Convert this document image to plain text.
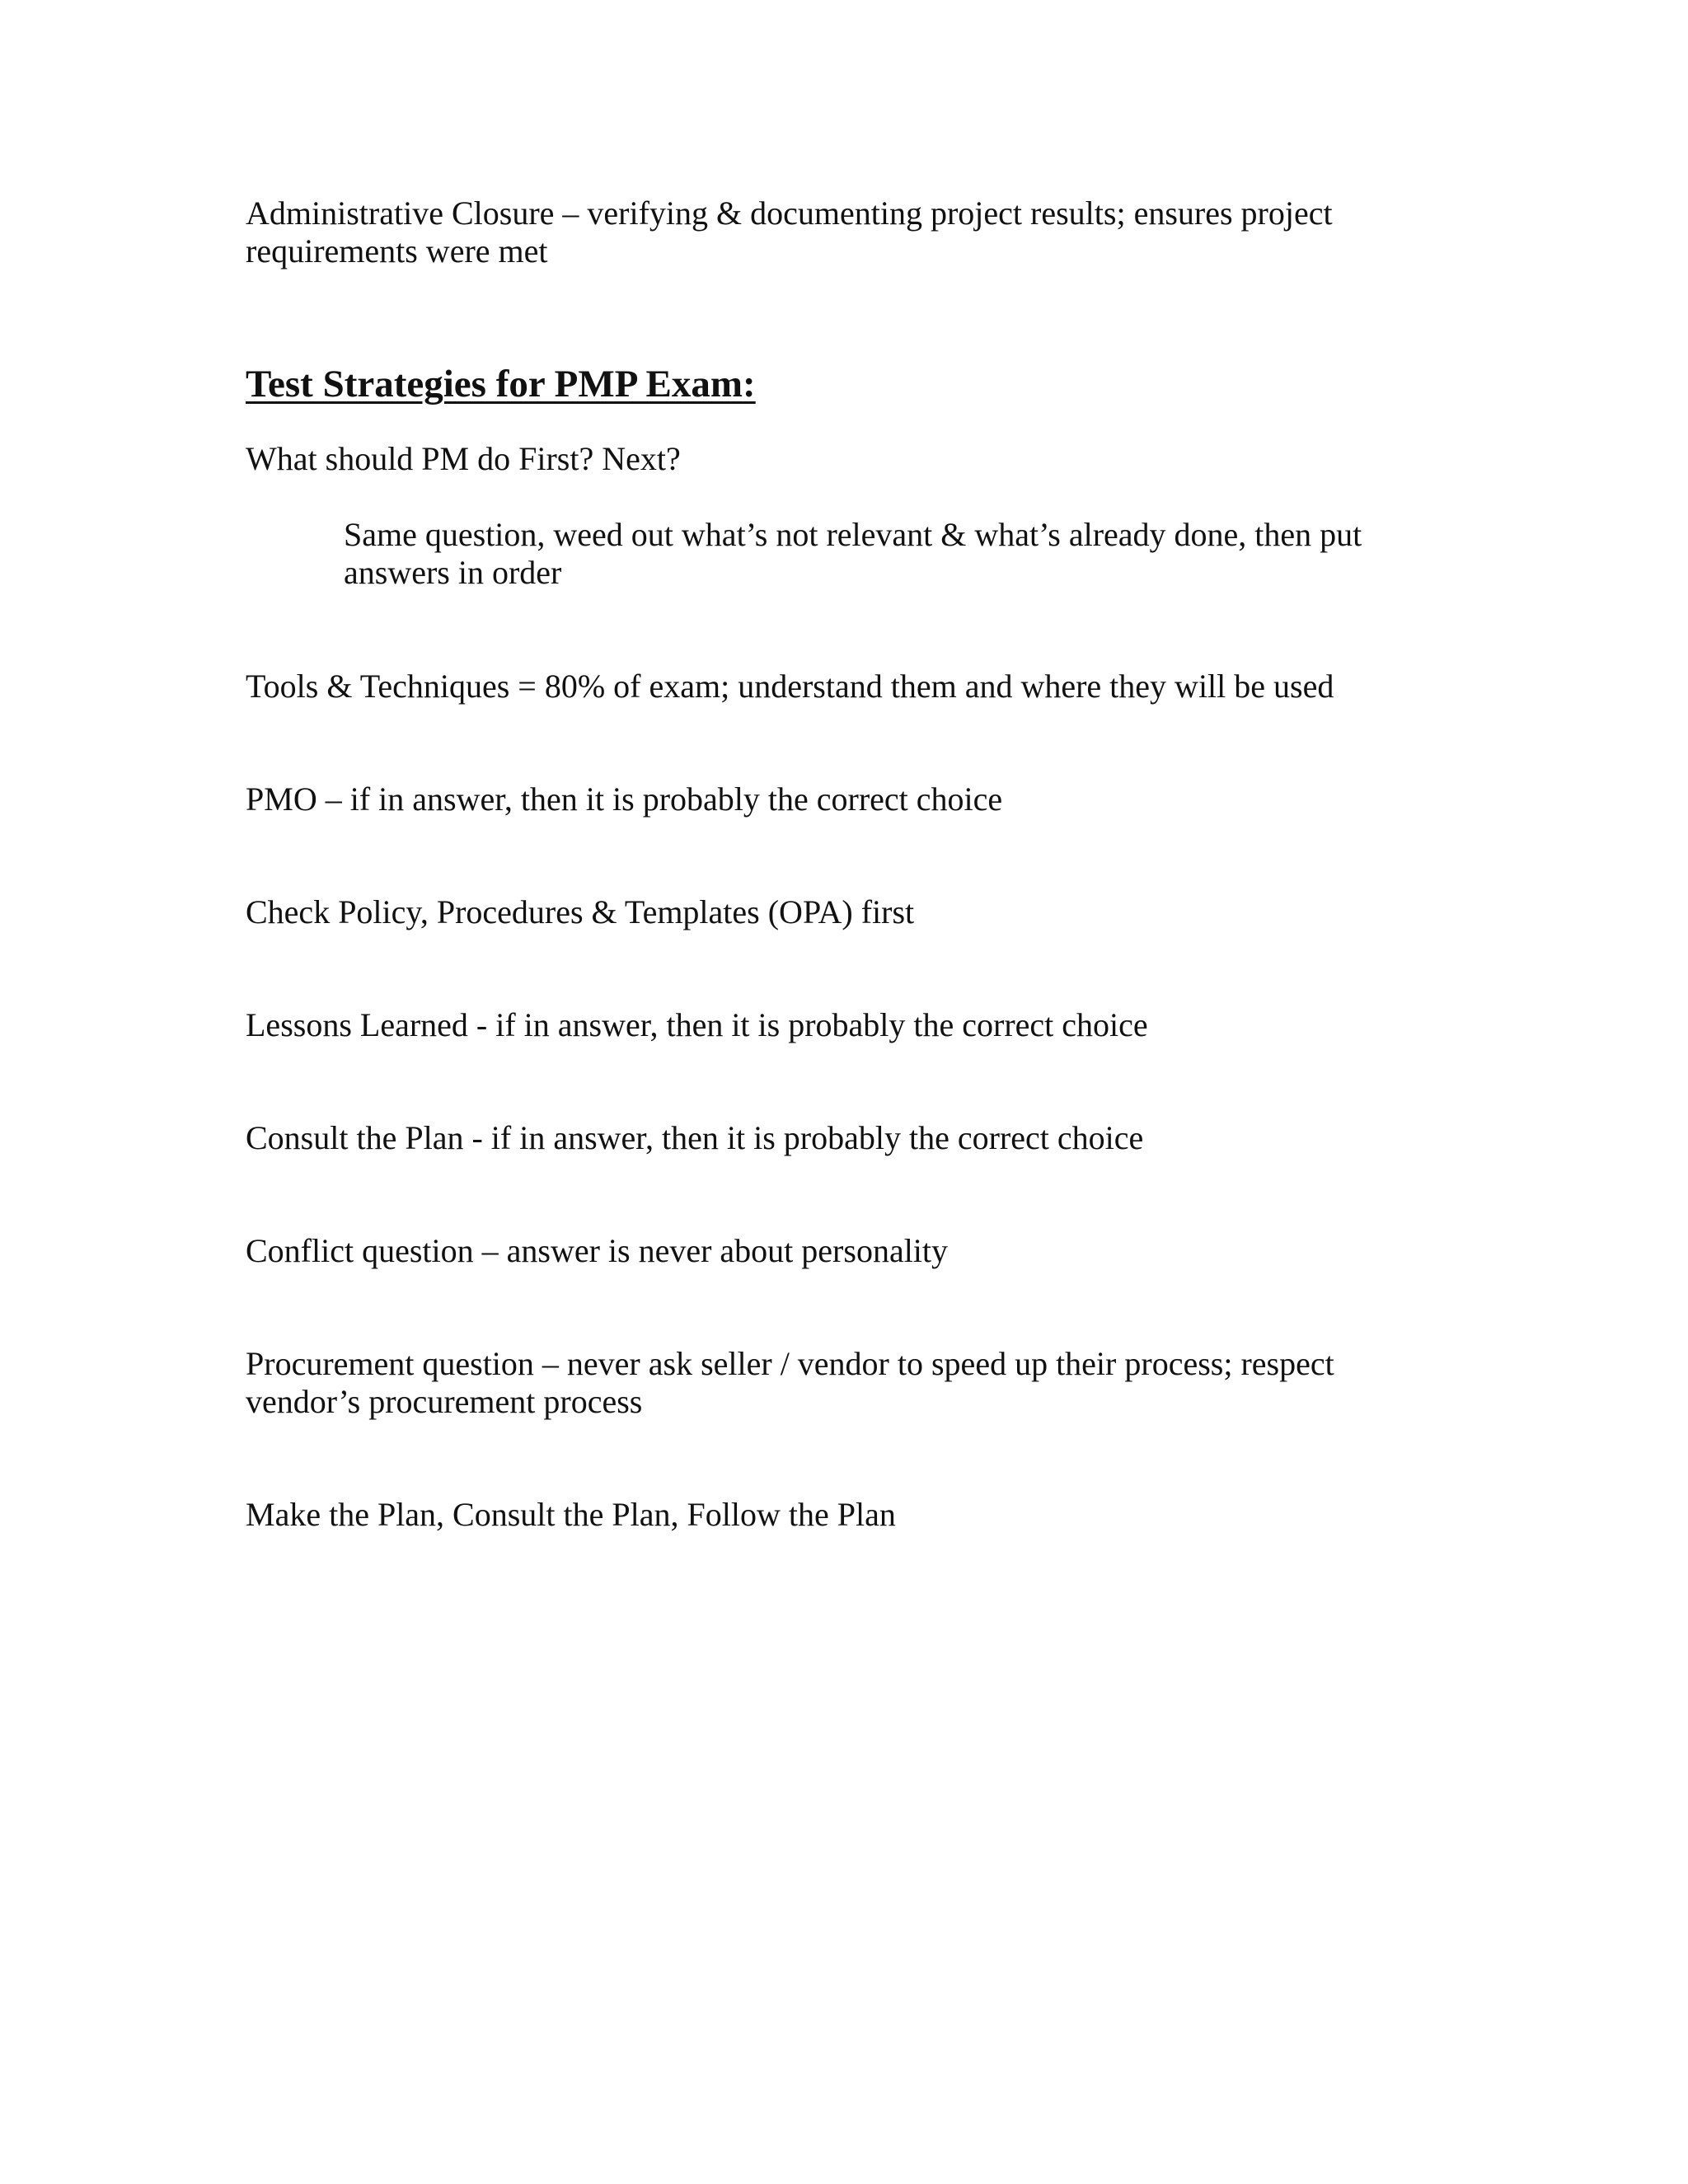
Administrative Closure – verifying & documenting project results; ensures project requirements were met

Test Strategies for PMP Exam:

What should PM do First? Next?

Same question, weed out what’s not relevant & what’s already done, then put answers in order

Tools & Techniques = 80% of exam; understand them and where they will be used

PMO – if in answer, then it is probably the correct choice

Check Policy, Procedures & Templates (OPA) first

Lessons Learned - if in answer, then it is probably the correct choice

Consult the Plan - if in answer, then it is probably the correct choice

Conflict question – answer is never about personality

Procurement question – never ask seller / vendor to speed up their process; respect vendor’s procurement process

Make the Plan, Consult the Plan, Follow the Plan
